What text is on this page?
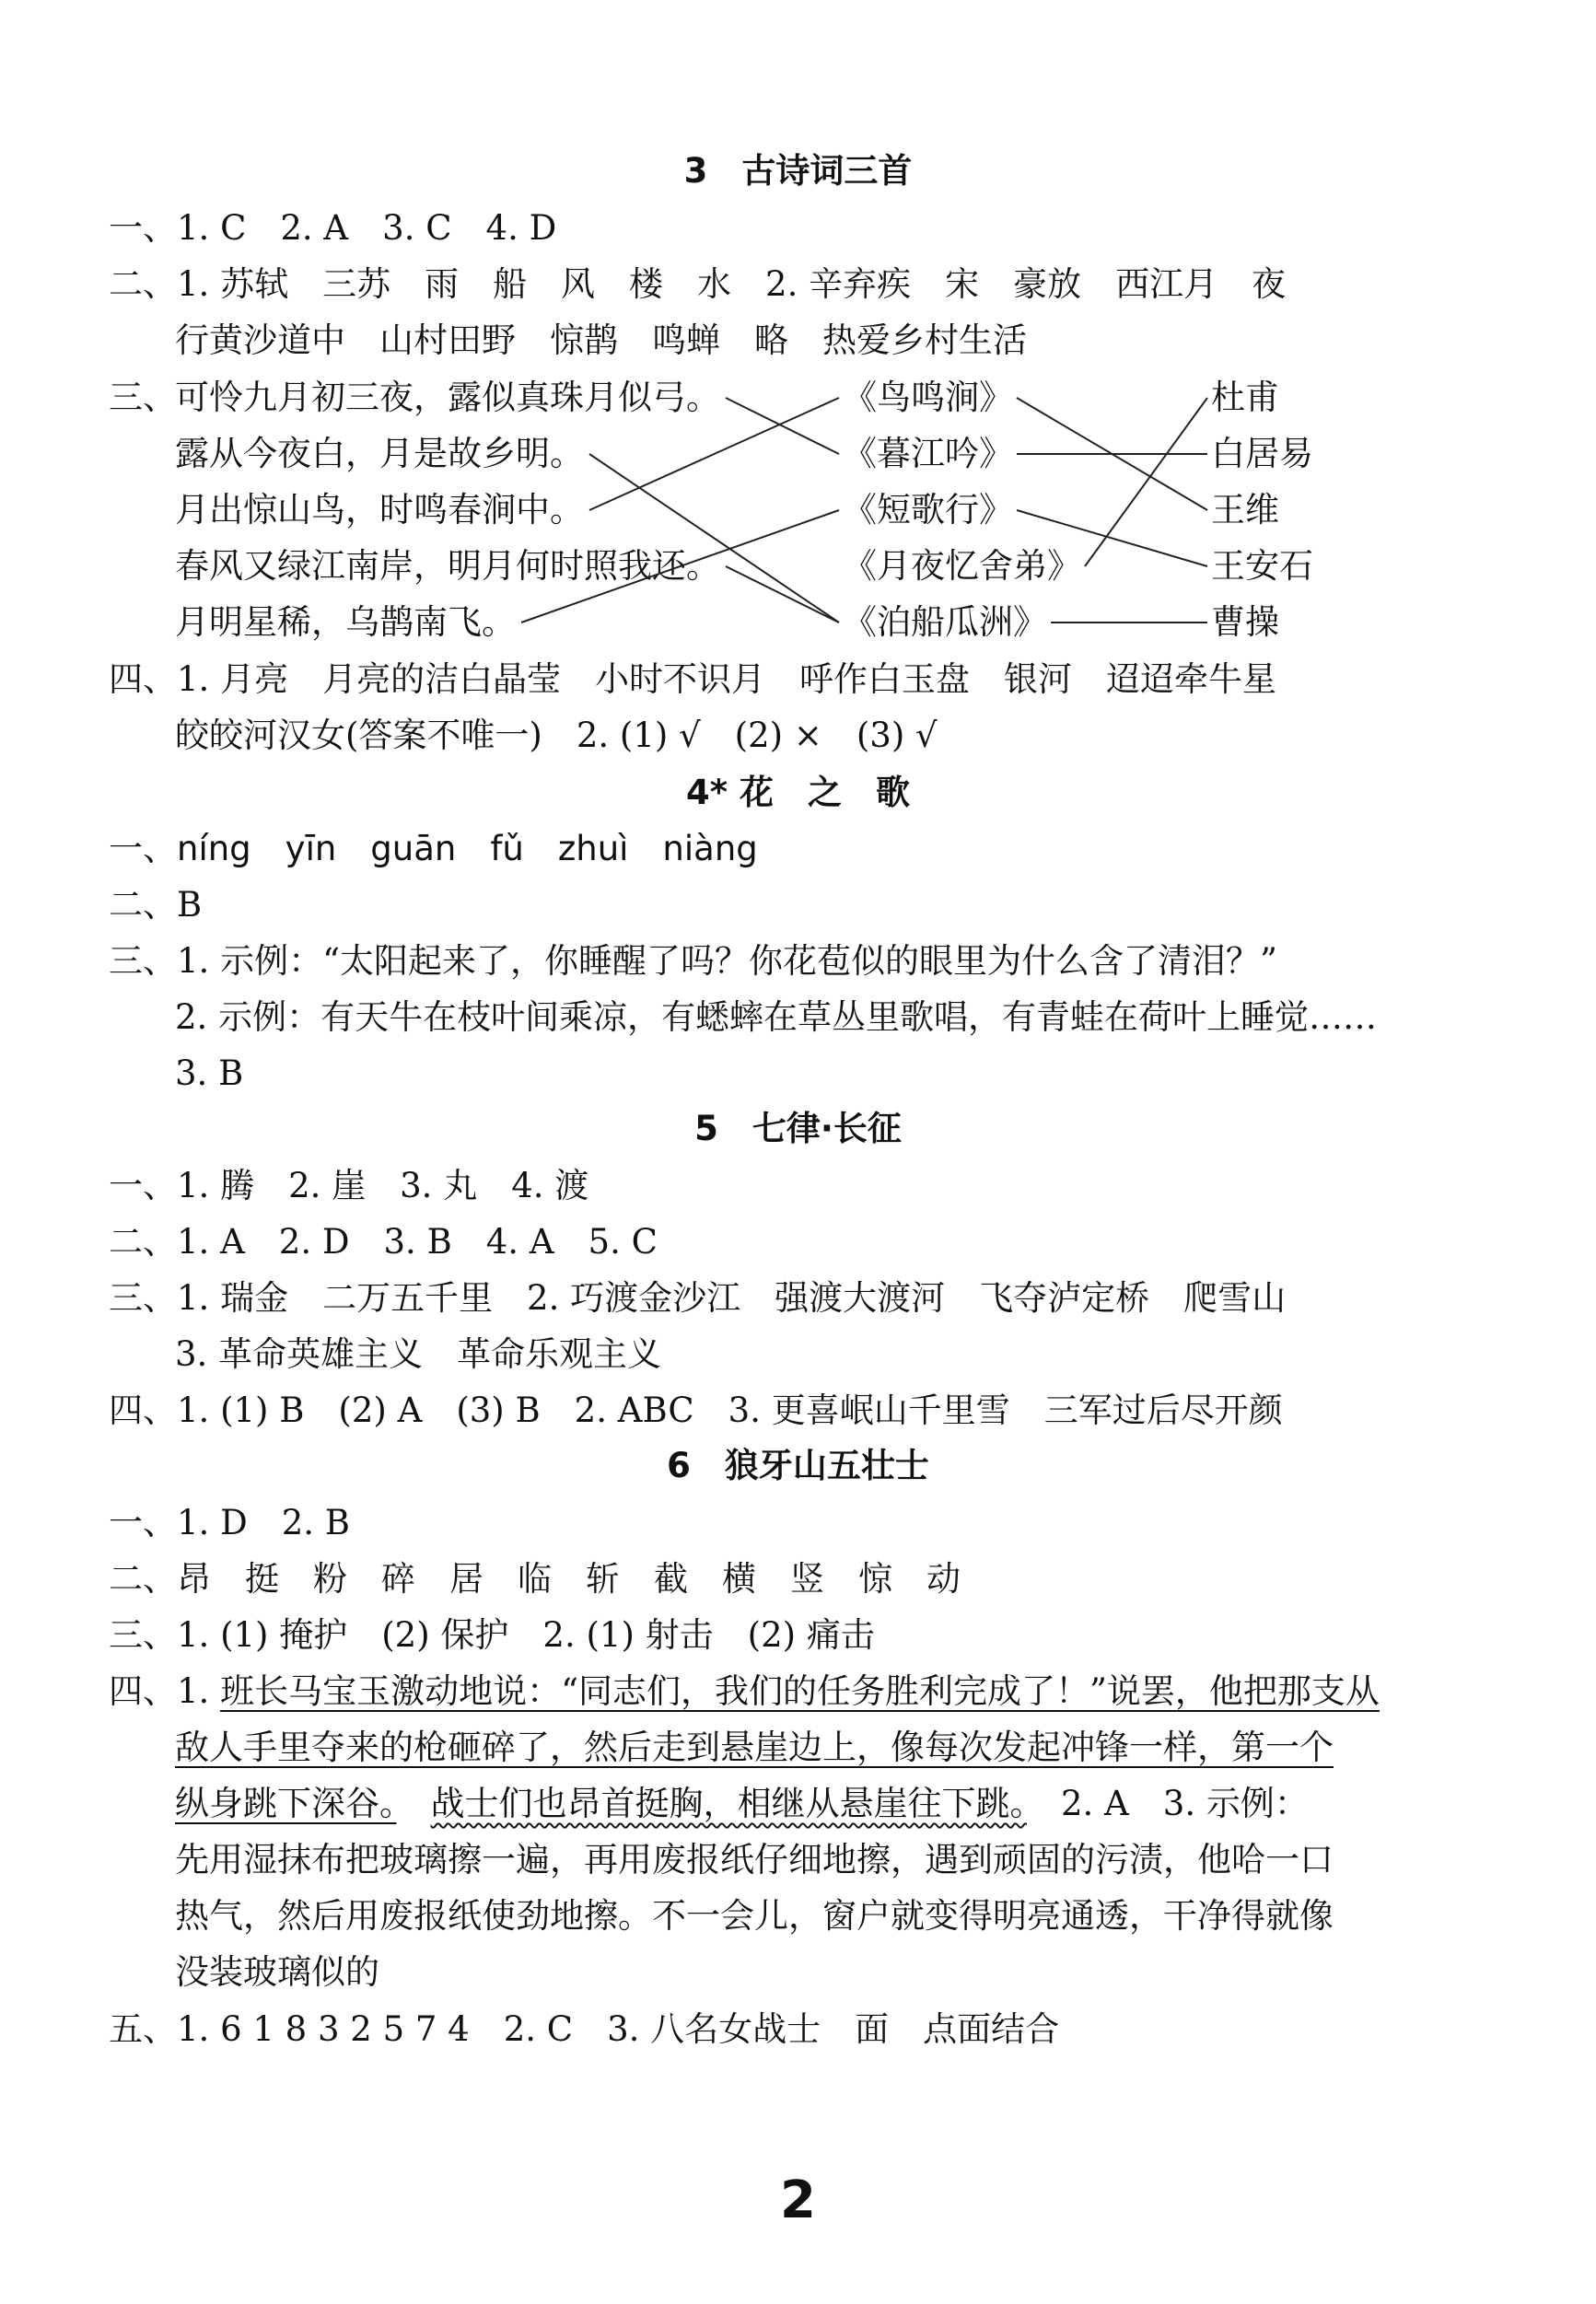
3　古诗词三首
一、1. C　2. A　3. C　4. D
二、1. 苏轼　三苏　雨　船　风　楼　水　2. 辛弃疾　宋　豪放　西江月　夜
行黄沙道中　山村田野　惊鹊　鸣蝉　略　热爱乡村生活
三、
可怜九月初三夜，露似真珠月似弓。
露从今夜白，月是故乡明。
月出惊山鸟，时鸣春涧中。
春风又绿江南岸，明月何时照我还。
月明星稀，乌鹊南飞。
《鸟鸣涧》
《暮江吟》
《短歌行》
《月夜忆舍弟》
《泊船瓜洲》
杜甫
白居易
王维
王安石
曹操
四、1. 月亮　月亮的洁白晶莹　小时不识月　呼作白玉盘　银河　迢迢牵牛星
皎皎河汉女(答案不唯一)　2. (1) √　(2) ×　(3) √
4* 花　之　歌
一、níng　yīn　guān　fǔ　zhuì　niàng
二、B
三、1. 示例：“太阳起来了，你睡醒了吗？你花苞似的眼里为什么含了清泪？”
2. 示例：有天牛在枝叶间乘凉，有蟋蟀在草丛里歌唱，有青蛙在荷叶上睡觉……
3. B
5　七律·长征
一、1. 腾　2. 崖　3. 丸　4. 渡
二、1. A　2. D　3. B　4. A　5. C
三、1. 瑞金　二万五千里　2. 巧渡金沙江　强渡大渡河　飞夺泸定桥　爬雪山
3. 革命英雄主义　革命乐观主义
四、1. (1) B　(2) A　(3) B　2. ABC　3. 更喜岷山千里雪　三军过后尽开颜
6　狼牙山五壮士
一、1. D　2. B
二、昂　挺　粉　碎　居　临　斩　截　横　竖　惊　动
三、1. (1) 掩护　(2) 保护　2. (1) 射击　(2) 痛击
四、1. 班长马宝玉激动地说：“同志们，我们的任务胜利完成了！”说罢，他把那支从
敌人手里夺来的枪砸碎了，然后走到悬崖边上，像每次发起冲锋一样，第一个
纵身跳下深谷。　 战士们也昂首挺胸，相继从悬崖往下跳。　2. A　3. 示例：
先用湿抹布把玻璃擦一遍，再用废报纸仔细地擦，遇到顽固的污渍，他哈一口
热气，然后用废报纸使劲地擦。不一会儿，窗户就变得明亮通透，干净得就像
没装玻璃似的
五、1. 6 1 8 3 2 5 7 4　2. C　3. 八名女战士　面　点面结合
2
